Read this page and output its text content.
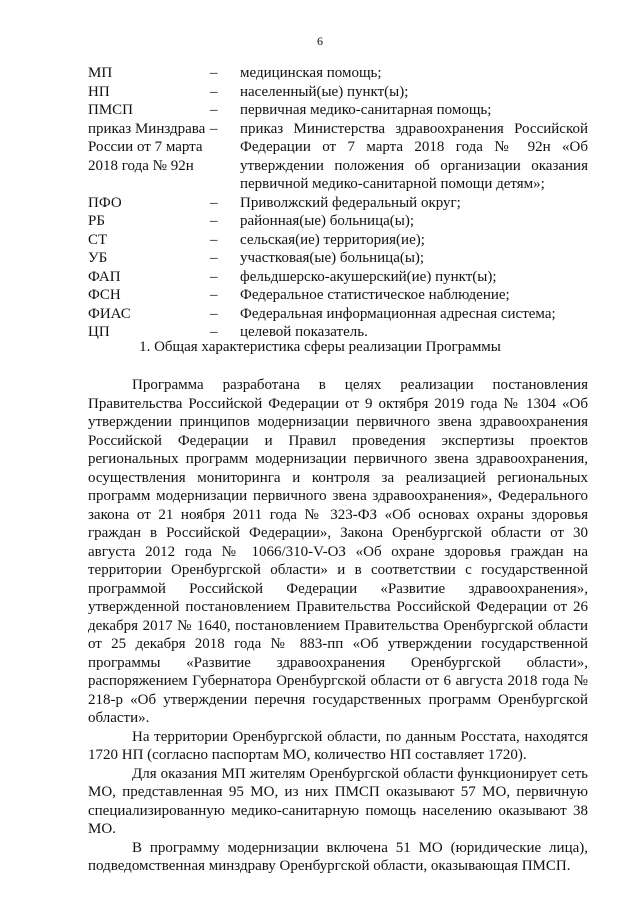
6
МП	–	медицинская помощь;
НП	–	населенный(ые) пункт(ы);
ПМСП	–	первичная медико-санитарная помощь;
приказ Минздрава России от 7 марта 2018 года № 92н	–	приказ Министерства здравоохранения Российской Федерации от 7 марта 2018 года № 92н «Об утверждении положения об организации оказания первичной медико-санитарной помощи детям»;
ПФО	–	Приволжский федеральный округ;
РБ	–	районная(ые) больница(ы);
СТ	–	сельская(ие) территория(ие);
УБ	–	участковая(ые) больница(ы);
ФАП	–	фельдшерско-акушерский(ие) пункт(ы);
ФСН	–	Федеральное статистическое наблюдение;
ФИАС	–	Федеральная информационная адресная система;
ЦП	–	целевой показатель.
1. Общая характеристика сферы реализации Программы

Программа разработана в целях реализации постановления Правительства Российской Федерации от 9 октября 2019 года № 1304 «Об утверждении принципов модернизации первичного звена здравоохранения Российской Федерации и Правил проведения экспертизы проектов региональных программ модернизации первичного звена здравоохранения, осуществления мониторинга и контроля за реализацией региональных программ модернизации первичного звена здравоохранения», Федерального закона от 21 ноября 2011 года № 323-ФЗ «Об основах охраны здоровья граждан в Российской Федерации», Закона Оренбургской области от 30 августа 2012 года № 1066/310-V-ОЗ «Об охране здоровья граждан на территории Оренбургской области» и в соответствии с государственной программой Российской Федерации «Развитие здравоохранения», утвержденной постановлением Правительства Российской Федерации от 26 декабря 2017 № 1640, постановлением Правительства Оренбургской области от 25 декабря 2018 года № 883-пп «Об утверждении государственной программы «Развитие здравоохранения Оренбургской области», распоряжением Губернатора Оренбургской области от 6 августа 2018 года № 218-р «Об утверждении перечня государственных программ Оренбургской области».

На территории Оренбургской области, по данным Росстата, находятся 1720 НП (согласно паспортам МО, количество НП составляет 1720).

Для оказания МП жителям Оренбургской области функционирует сеть МО, представленная 95 МО, из них ПМСП оказывают 57 МО, первичную специализированную медико-санитарную помощь населению оказывают 38 МО.

В программу модернизации включена 51 МО (юридические лица), подведомственная минздраву Оренбургской области, оказывающая ПМСП.
